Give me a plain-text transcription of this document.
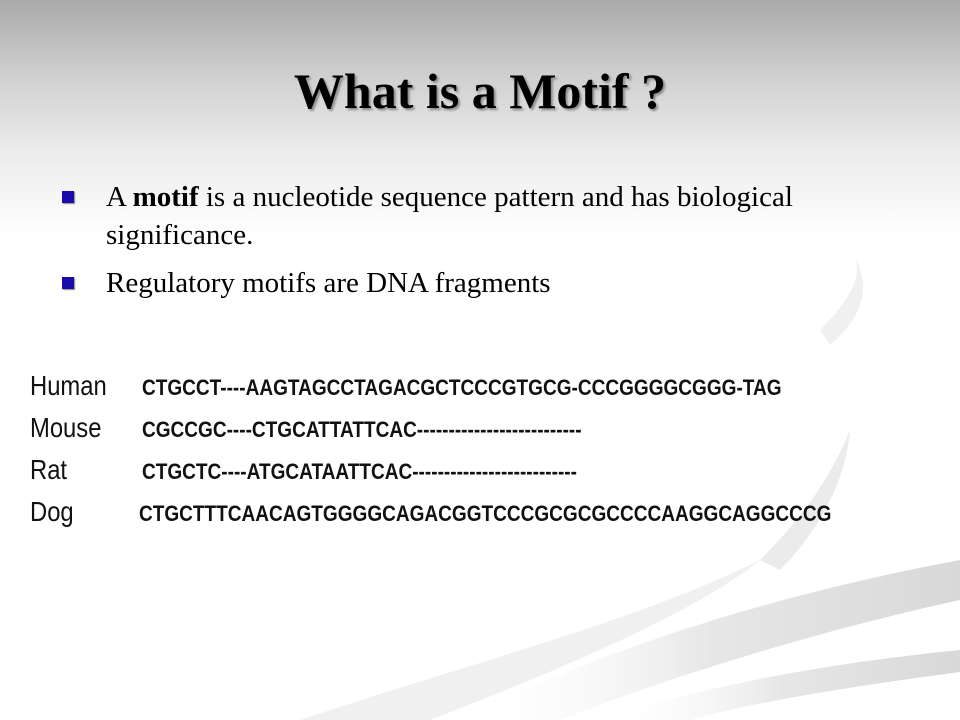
What is a Motif ?
A motif is a nucleotide sequence pattern and has biological significance.
Regulatory motifs are DNA fragments
Human	CTGCCT----AAGTAGCCTAGACGCTCCCGTGCG-CCCGGGGCGGG-TAG
Mouse	CGCCGC----CTGCATTATTCAC--------------------------
Rat	CTGCTC----ATGCATAATTCAC--------------------------
Dog	CTGCTTTCAACAGTGGGGCAGACGGTCCCGCGCGCCCCAAGGCAGGCCCG
